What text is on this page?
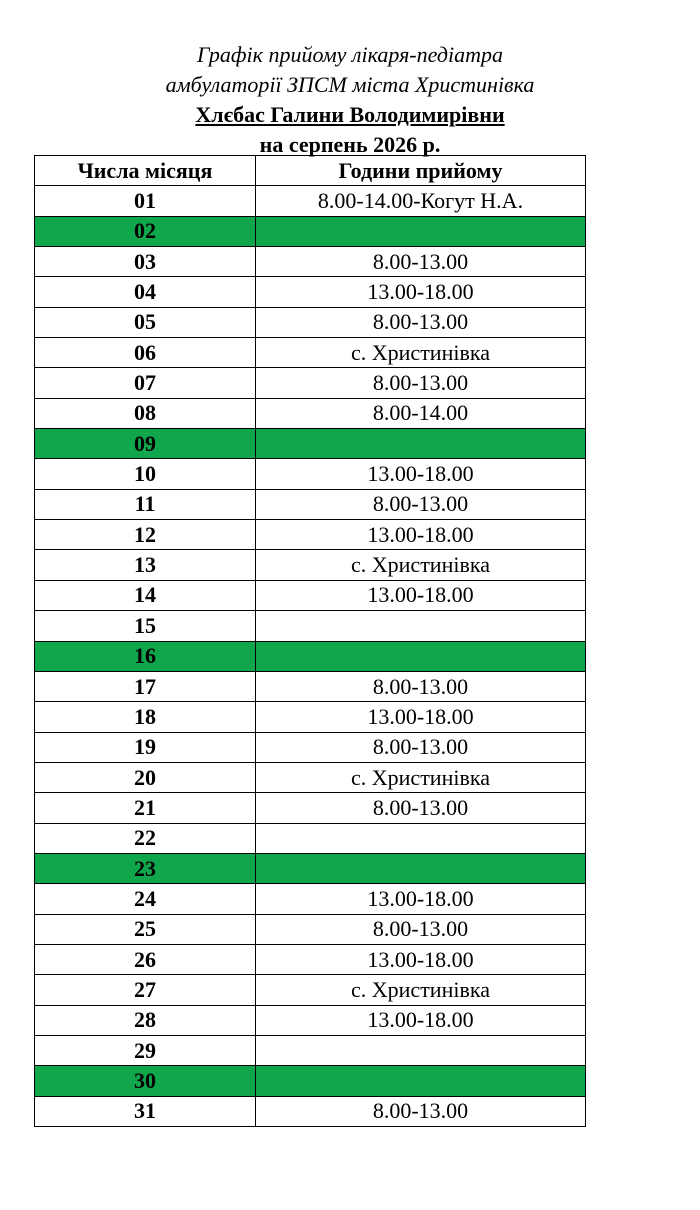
Графік прийому лікаря-педіатра

амбулаторії ЗПСМ міста Христинівка

Хлєбас Галини Володимирівни

на серпень 2026 р.

Числа місяця	Години прийому
01	8.00-14.00-Когут Н.А.
02	
03	8.00-13.00
04	13.00-18.00
05	8.00-13.00
06	с. Христинівка
07	8.00-13.00
08	8.00-14.00
09	
10	13.00-18.00
11	8.00-13.00
12	13.00-18.00
13	с. Христинівка
14	13.00-18.00
15	
16	
17	8.00-13.00
18	13.00-18.00
19	8.00-13.00
20	с. Христинівка
21	8.00-13.00
22	
23	
24	13.00-18.00
25	8.00-13.00
26	13.00-18.00
27	с. Христинівка
28	13.00-18.00
29	
30	
31	8.00-13.00
